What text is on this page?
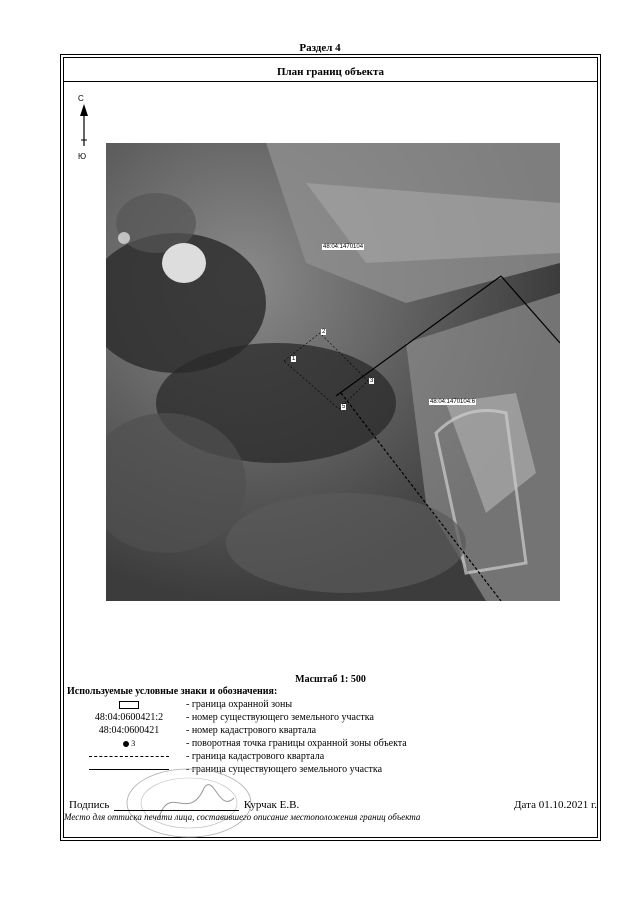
Раздел 4
План границ объекта
С
Ю
48:04:1470104
48:04:1470104:6
2
1
3
5
Масштаб 1: 500
Используемые условные знаки и обозначения:
- граница охранной зоны
48:04:0600421:2	- номер существующего земельного участка
48:04:0600421	- номер кадастрового квартала
3	- поворотная точка границы охранной зоны объекта
- граница кадастрового квартала
- граница существующего земельного участка
Подпись	Курчак Е.В.	Дата 01.10.2021 г.
Место для оттиска печати лица, составившего описание местоположения границ объекта
